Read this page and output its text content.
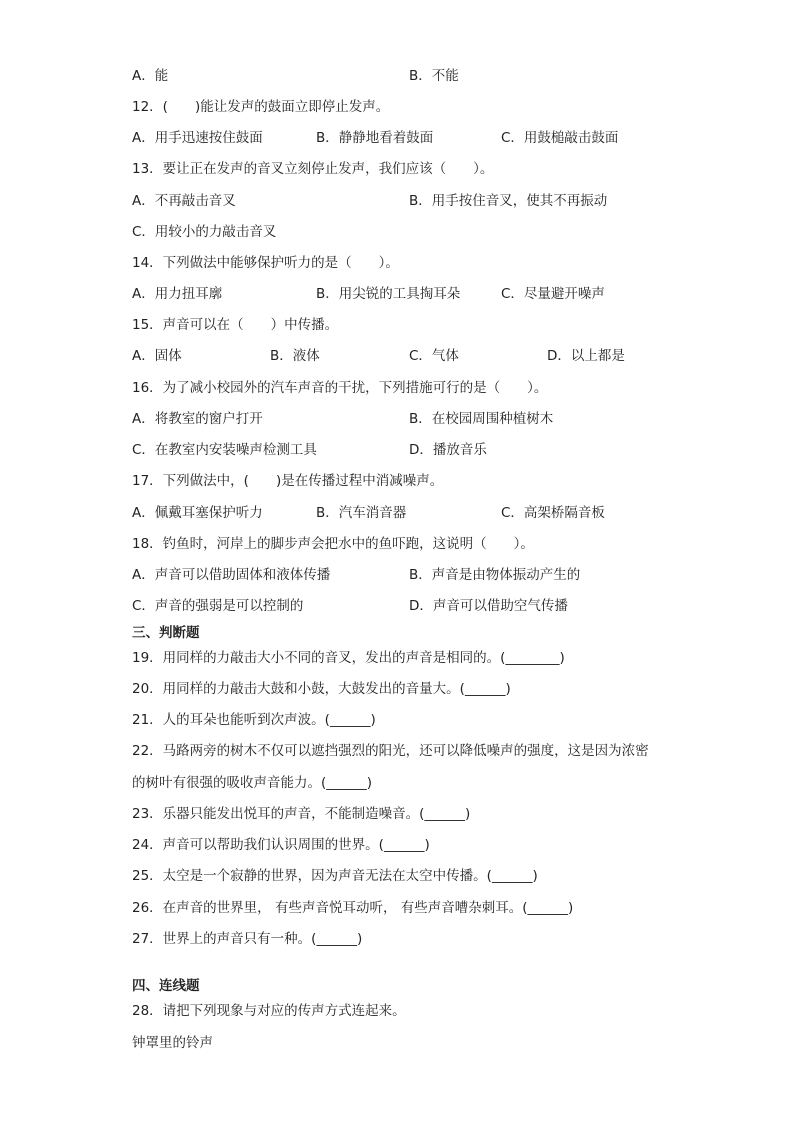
A．能	B．不能
12．(　　)能让发声的鼓面立即停止发声。
A．用手迅速按住鼓面	B．静静地看着鼓面	C．用鼓槌敲击鼓面
13．要让正在发声的音叉立刻停止发声，我们应该（　　）。
A．不再敲击音叉	B．用手按住音叉，使其不再振动
C．用较小的力敲击音叉
14．下列做法中能够保护听力的是（　　）。
A．用力扭耳廓	B．用尖锐的工具掏耳朵	C．尽量避开噪声
15．声音可以在（　　）中传播。
A．固体	B．液体	C．气体	D．以上都是
16．为了减小校园外的汽车声音的干扰，下列措施可行的是（　　）。
A．将教室的窗户打开	B．在校园周围种植树木
C．在教室内安装噪声检测工具	D．播放音乐
17．下列做法中，(　　)是在传播过程中消减噪声。
A．佩戴耳塞保护听力	B．汽车消音器	C．高架桥隔音板
18．钓鱼时，河岸上的脚步声会把水中的鱼吓跑，这说明（　　）。
A．声音可以借助固体和液体传播	B．声音是由物体振动产生的
C．声音的强弱是可以控制的	D．声音可以借助空气传播
三、判断题
19．用同样的力敲击大小不同的音叉，发出的声音是相同的。(________)
20．用同样的力敲击大鼓和小鼓，大鼓发出的音量大。(______)
21．人的耳朵也能听到次声波。(______)
22．马路两旁的树木不仅可以遮挡强烈的阳光，还可以降低噪声的强度，这是因为浓密
的树叶有很强的吸收声音能力。(______)
23．乐器只能发出悦耳的声音，不能制造噪音。(______)
24．声音可以帮助我们认识周围的世界。(______)
25．太空是一个寂静的世界，因为声音无法在太空中传播。(______)
26．在声音的世界里， 有些声音悦耳动听， 有些声音嘈杂刺耳。(______)
27．世界上的声音只有一种。(______)
四、连线题
28．请把下列现象与对应的传声方式连起来。
钟罩里的铃声
